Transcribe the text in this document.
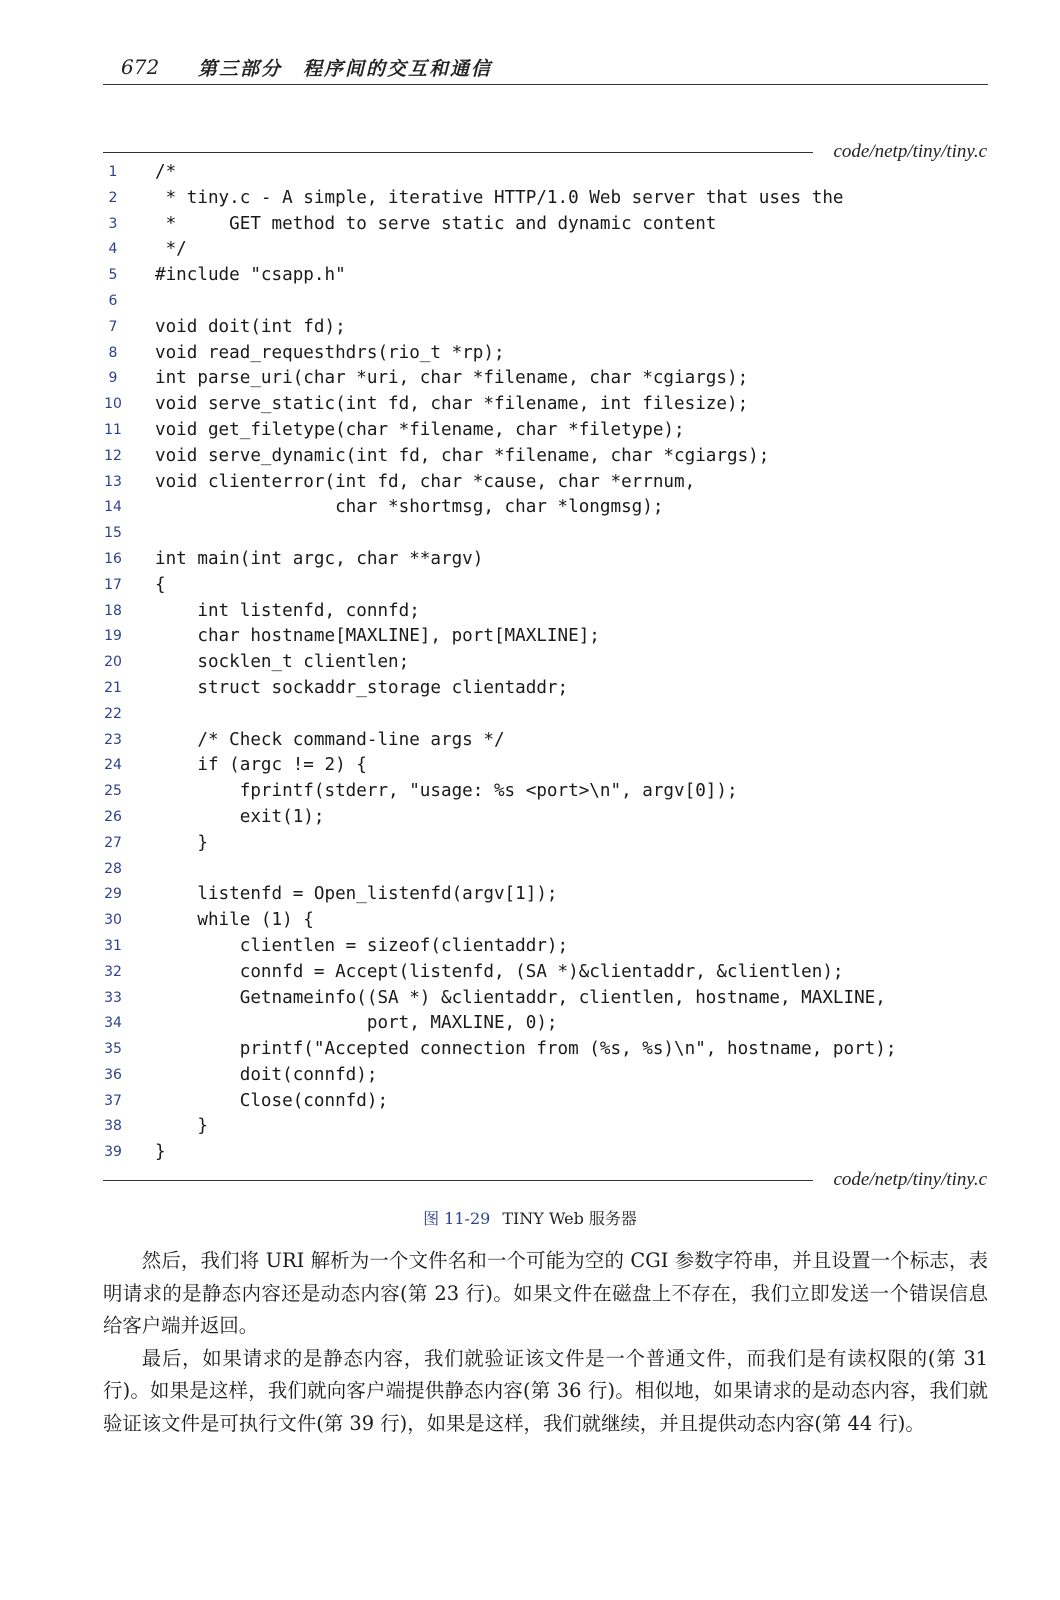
672 第三部分　程序间的交互和通信
code/netp/tiny/tiny.c
1	/*
2	* tiny.c - A simple, iterative HTTP/1.0 Web server that uses the
3	*     GET method to serve static and dynamic content
4	*/
5	#include "csapp.h"
6
7	void doit(int fd);
8	void read_requesthdrs(rio_t *rp);
9	int parse_uri(char *uri, char *filename, char *cgiargs);
10 void serve_static(int fd, char *filename, int filesize);
11 void get_filetype(char *filename, char *filetype);
12 void serve_dynamic(int fd, char *filename, char *cgiargs);
13 void clienterror(int fd, char *cause, char *errnum,
14 char *shortmsg, char *longmsg);
15
16 int main(int argc, char **argv)
17 {
18 int listenfd, connfd;
19 char hostname[MAXLINE], port[MAXLINE];
20 socklen_t clientlen;
21 struct sockaddr_storage clientaddr;
22
23 /* Check command-line args */
24 if (argc != 2) {
25 fprintf(stderr, "usage: %s <port>\n", argv[0]);
26 exit(1);
27 }
28
29 listenfd = Open_listenfd(argv[1]);
30 while (1) {
31 clientlen = sizeof(clientaddr);
32 connfd = Accept(listenfd, (SA *)&clientaddr, &clientlen);
33 Getnameinfo((SA *) &clientaddr, clientlen, hostname, MAXLINE,
34 port, MAXLINE, 0);
35 printf("Accepted connection from (%s, %s)\n", hostname, port);
36 doit(connfd);
37 Close(connfd);
38 }
39 }
code/netp/tiny/tiny.c
图 11-29 TINY Web 服务器

然后，我们将 URI 解析为一个文件名和一个可能为空的 CGI 参数字符串，并且设置一个标志，表明请求的是静态内容还是动态内容(第 23 行)。如果文件在磁盘上不存在，我们立即发送一个错误信息给客户端并返回。

最后，如果请求的是静态内容，我们就验证该文件是一个普通文件，而我们是有读权限的(第 31 行)。如果是这样，我们就向客户端提供静态内容(第 36 行)。相似地，如果请求的是动态内容，我们就验证该文件是可执行文件(第 39 行)，如果是这样，我们就继续，并且提供动态内容(第 44 行)。
